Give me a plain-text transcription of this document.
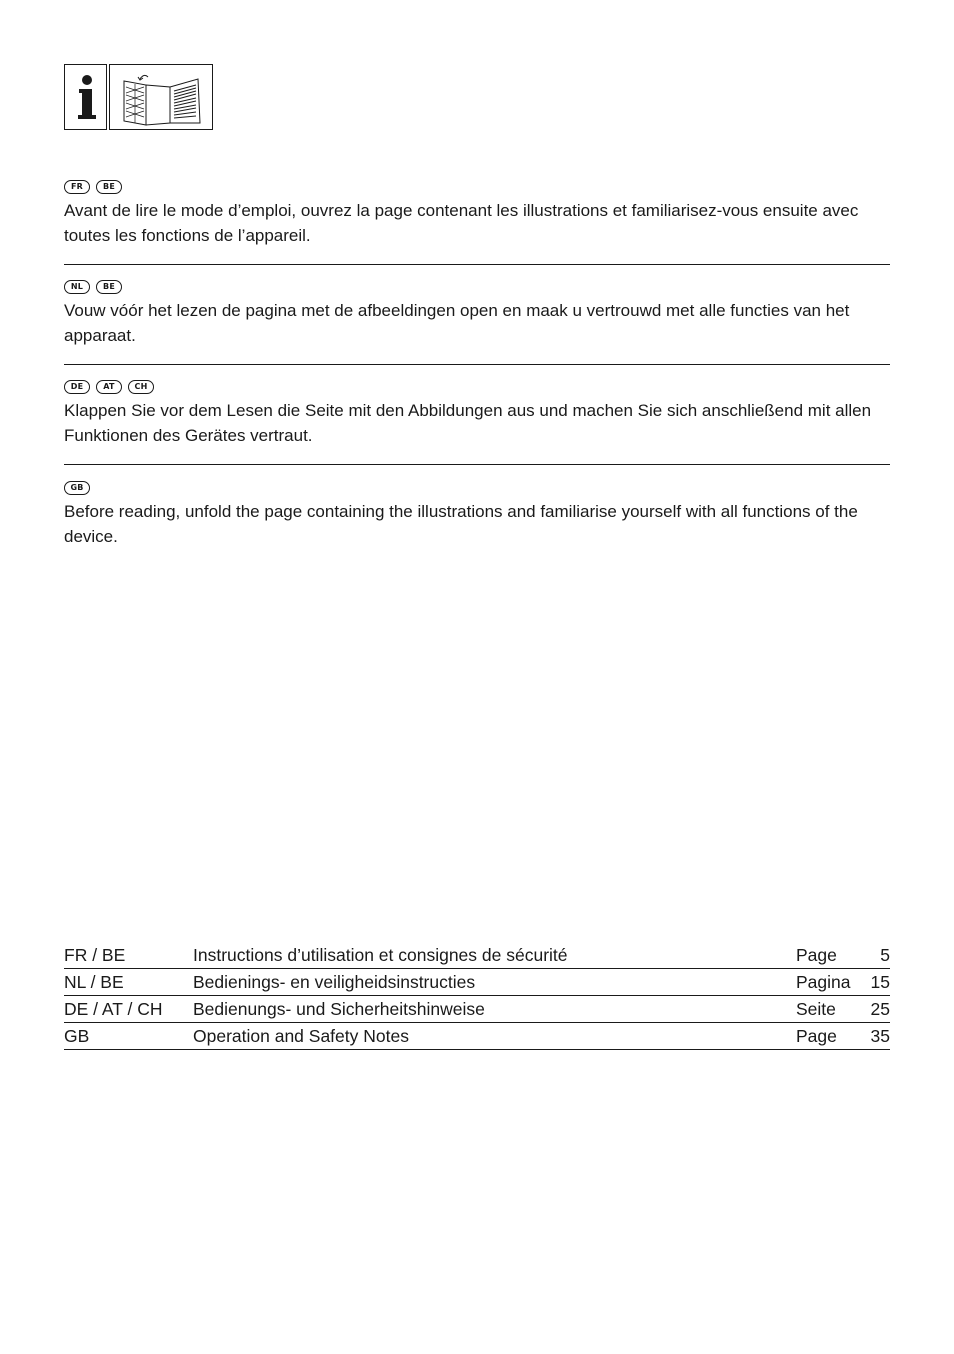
FR	BE

Avant de lire le mode d’emploi, ouvrez la page contenant les illustrations et familiarisez-vous ensuite avec toutes les fonctions de l’appareil.

NL	BE

Vouw vóór het lezen de pagina met de afbeeldingen open en maak u vertrouwd met alle functies van het apparaat.

DE	AT	CH

Klappen Sie vor dem Lesen die Seite mit den Abbildungen aus und machen Sie sich anschließend mit allen Funktionen des Gerätes vertraut.

GB

Before reading, unfold the page containing the illustrations and familiarise yourself with all functions of the device.

FR / BE	Instructions d’utilisation et consignes de sécurité	Page	5
NL / BE	Bedienings- en veiligheidsinstructies	Pagina	15
DE / AT / CH	Bedienungs- und Sicherheitshinweise	Seite	25
GB	Operation and Safety Notes	Page	35
